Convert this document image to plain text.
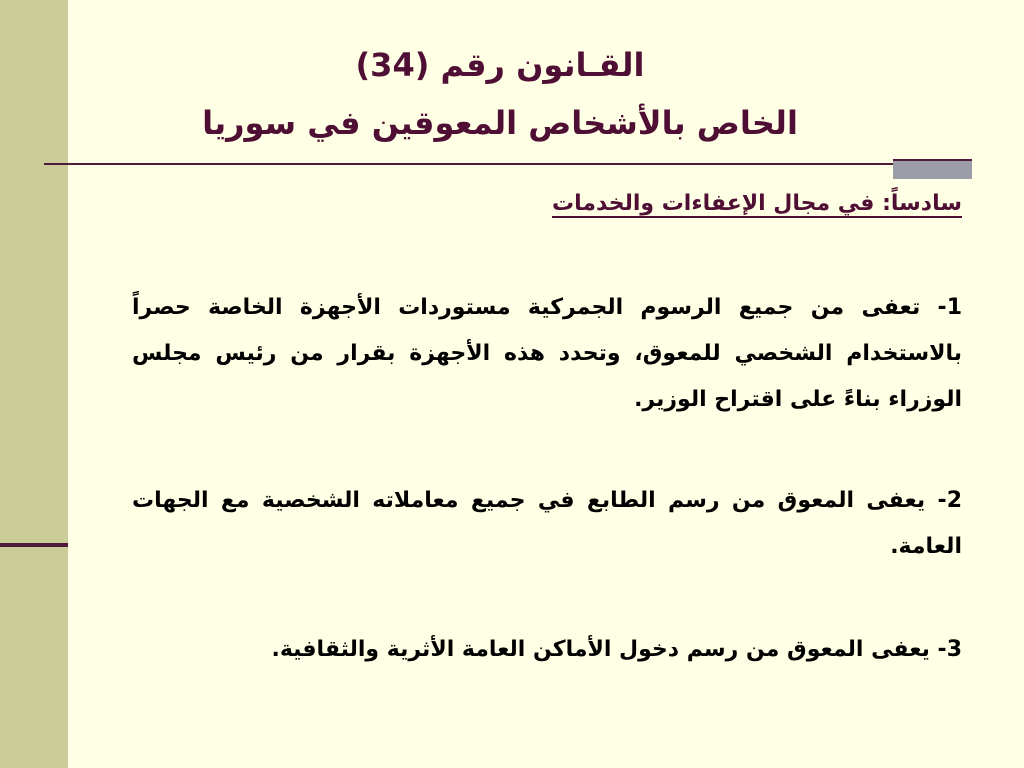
القـانون رقم (34)
الخاص بالأشخاص المعوقين في سوريا
سادساً: في مجال الإعفاءات والخدمات
1- تعفى من جميع الرسوم الجمركية مستوردات الأجهزة الخاصة حصراً بالاستخدام الشخصي للمعوق، وتحدد هذه الأجهزة بقرار من رئيس مجلس الوزراء بناءً على اقتراح الوزير.
2- يعفى المعوق من رسم الطابع في جميع معاملاته الشخصية مع الجهات العامة.
3- يعفى المعوق من رسم دخول الأماكن العامة الأثرية والثقافية.
